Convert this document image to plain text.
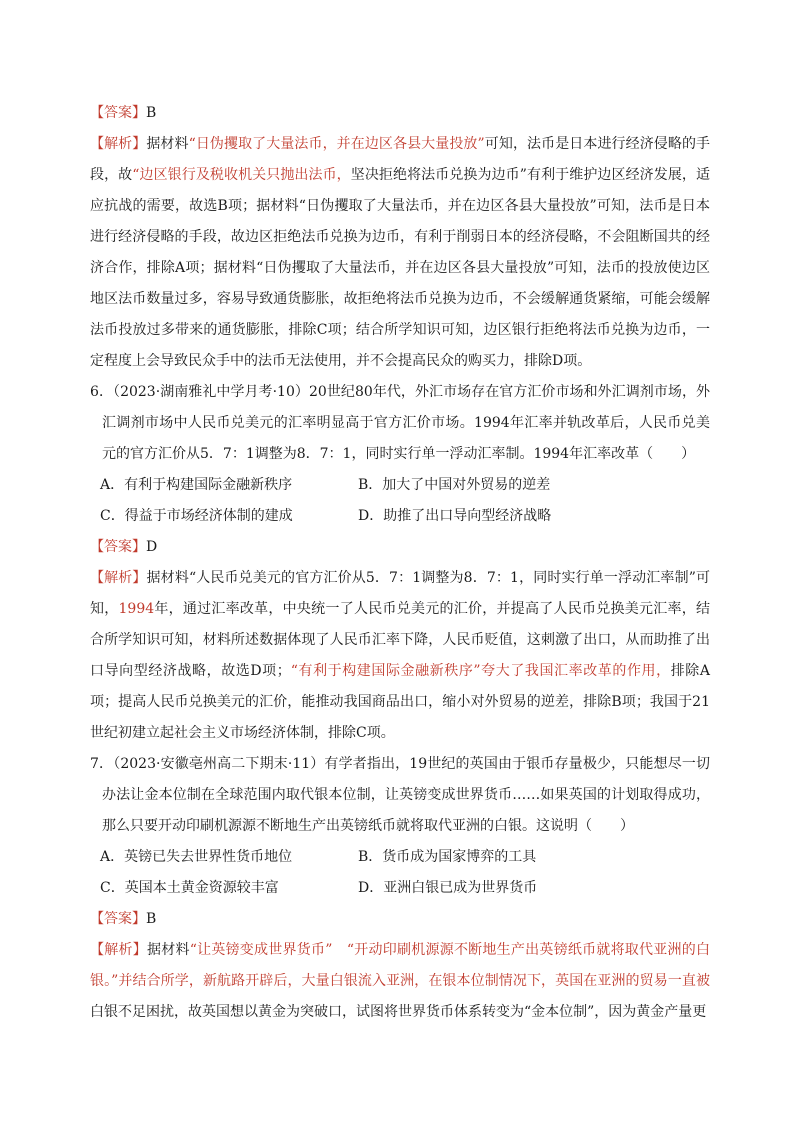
【答案】B
【解析】据材料“日伪攫取了大量法币，并在边区各县大量投放”可知，法币是日本进行经济侵略的手段，故“边区银行及税收机关只抛出法币，坚决拒绝将法币兑换为边币”有利于维护边区经济发展，适应抗战的需要，故选B项；据材料“日伪攫取了大量法币，并在边区各县大量投放”可知，法币是日本进行经济侵略的手段，故边区拒绝法币兑换为边币，有利于削弱日本的经济侵略，不会阻断国共的经济合作，排除A项；据材料“日伪攫取了大量法币，并在边区各县大量投放”可知，法币的投放使边区地区法币数量过多，容易导致通货膨胀，故拒绝将法币兑换为边币，不会缓解通货紧缩，可能会缓解法币投放过多带来的通货膨胀，排除C项；结合所学知识可知，边区银行拒绝将法币兑换为边币，一定程度上会导致民众手中的法币无法使用，并不会提高民众的购买力，排除D项。
6．（2023·湖南雅礼中学月考·10）20世纪80年代，外汇市场存在官方汇价市场和外汇调剂市场，外汇调剂市场中人民币兑美元的汇率明显高于官方汇价市场。1994年汇率并轨改革后，人民币兑美元的官方汇价从5．7：1调整为8．7：1，同时实行单一浮动汇率制。1994年汇率改革（　　）
A．有利于构建国际金融新秩序	B．加大了中国对外贸易的逆差
C．得益于市场经济体制的建成	D．助推了出口导向型经济战略
【答案】D
【解析】据材料“人民币兑美元的官方汇价从5．7：1调整为8．7：1，同时实行单一浮动汇率制”可知，1994年，通过汇率改革，中央统一了人民币兑美元的汇价，并提高了人民币兑换美元汇率，结合所学知识可知，材料所述数据体现了人民币汇率下降，人民币贬值，这刺激了出口，从而助推了出口导向型经济战略，故选D项；“有利于构建国际金融新秩序”夸大了我国汇率改革的作用，排除A项；提高人民币兑换美元的汇价，能推动我国商品出口，缩小对外贸易的逆差，排除B项；我国于21世纪初建立起社会主义市场经济体制，排除C项。
7．（2023·安徽亳州高二下期末·11）有学者指出，19世纪的英国由于银币存量极少，只能想尽一切办法让金本位制在全球范围内取代银本位制，让英镑变成世界货币……如果英国的计划取得成功，那么只要开动印刷机源源不断地生产出英镑纸币就将取代亚洲的白银。这说明（　　）
A．英镑已失去世界性货币地位	B．货币成为国家博弈的工具
C．英国本土黄金资源较丰富	D．亚洲白银已成为世界货币
【答案】B
【解析】据材料“让英镑变成世界货币”　“开动印刷机源源不断地生产出英镑纸币就将取代亚洲的白银。”并结合所学，新航路开辟后，大量白银流入亚洲，在银本位制情况下，英国在亚洲的贸易一直被白银不足困扰，故英国想以黄金为突破口，试图将世界货币体系转变为“金本位制”，因为黄金产量更
